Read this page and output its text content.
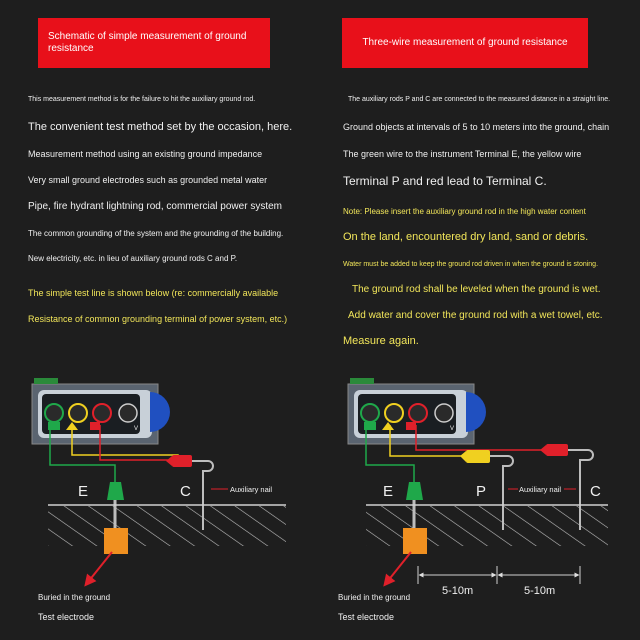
Schematic of simple measurement of ground resistance
Three-wire measurement of ground resistance
This measurement method is for the failure to hit the auxiliary ground rod.
The convenient test method set by the occasion, here.
Measurement method using an existing ground impedance
Very small ground electrodes such as grounded metal water
Pipe, fire hydrant lightning rod, commercial power system
The common grounding of the system and the grounding of the building.
New electricity, etc. in lieu of auxiliary ground rods C and P.
The simple test line is shown below (re: commercially available
Resistance of common grounding terminal of power system, etc.)
The auxiliary rods P and C are connected to the measured distance in a straight line.
Ground objects at intervals of 5 to 10 meters into the ground, chain
The green wire to the instrument Terminal E, the yellow wire
Terminal P and red lead to Terminal C.
Note: Please insert the auxiliary ground rod in the high water content
On the land, encountered dry land, sand or debris.
Water must be added to keep the ground rod driven in when the ground is stoning.
The ground rod shall be leveled when the ground is wet.
Add water and cover the ground rod with a wet towel, etc.
Measure again.
V
E	C	Auxiliary nail
Buried in the ground
Test electrode
V
5-10m	5-10m
E	P	C
Auxiliary nail
Buried in the ground
Test electrode
